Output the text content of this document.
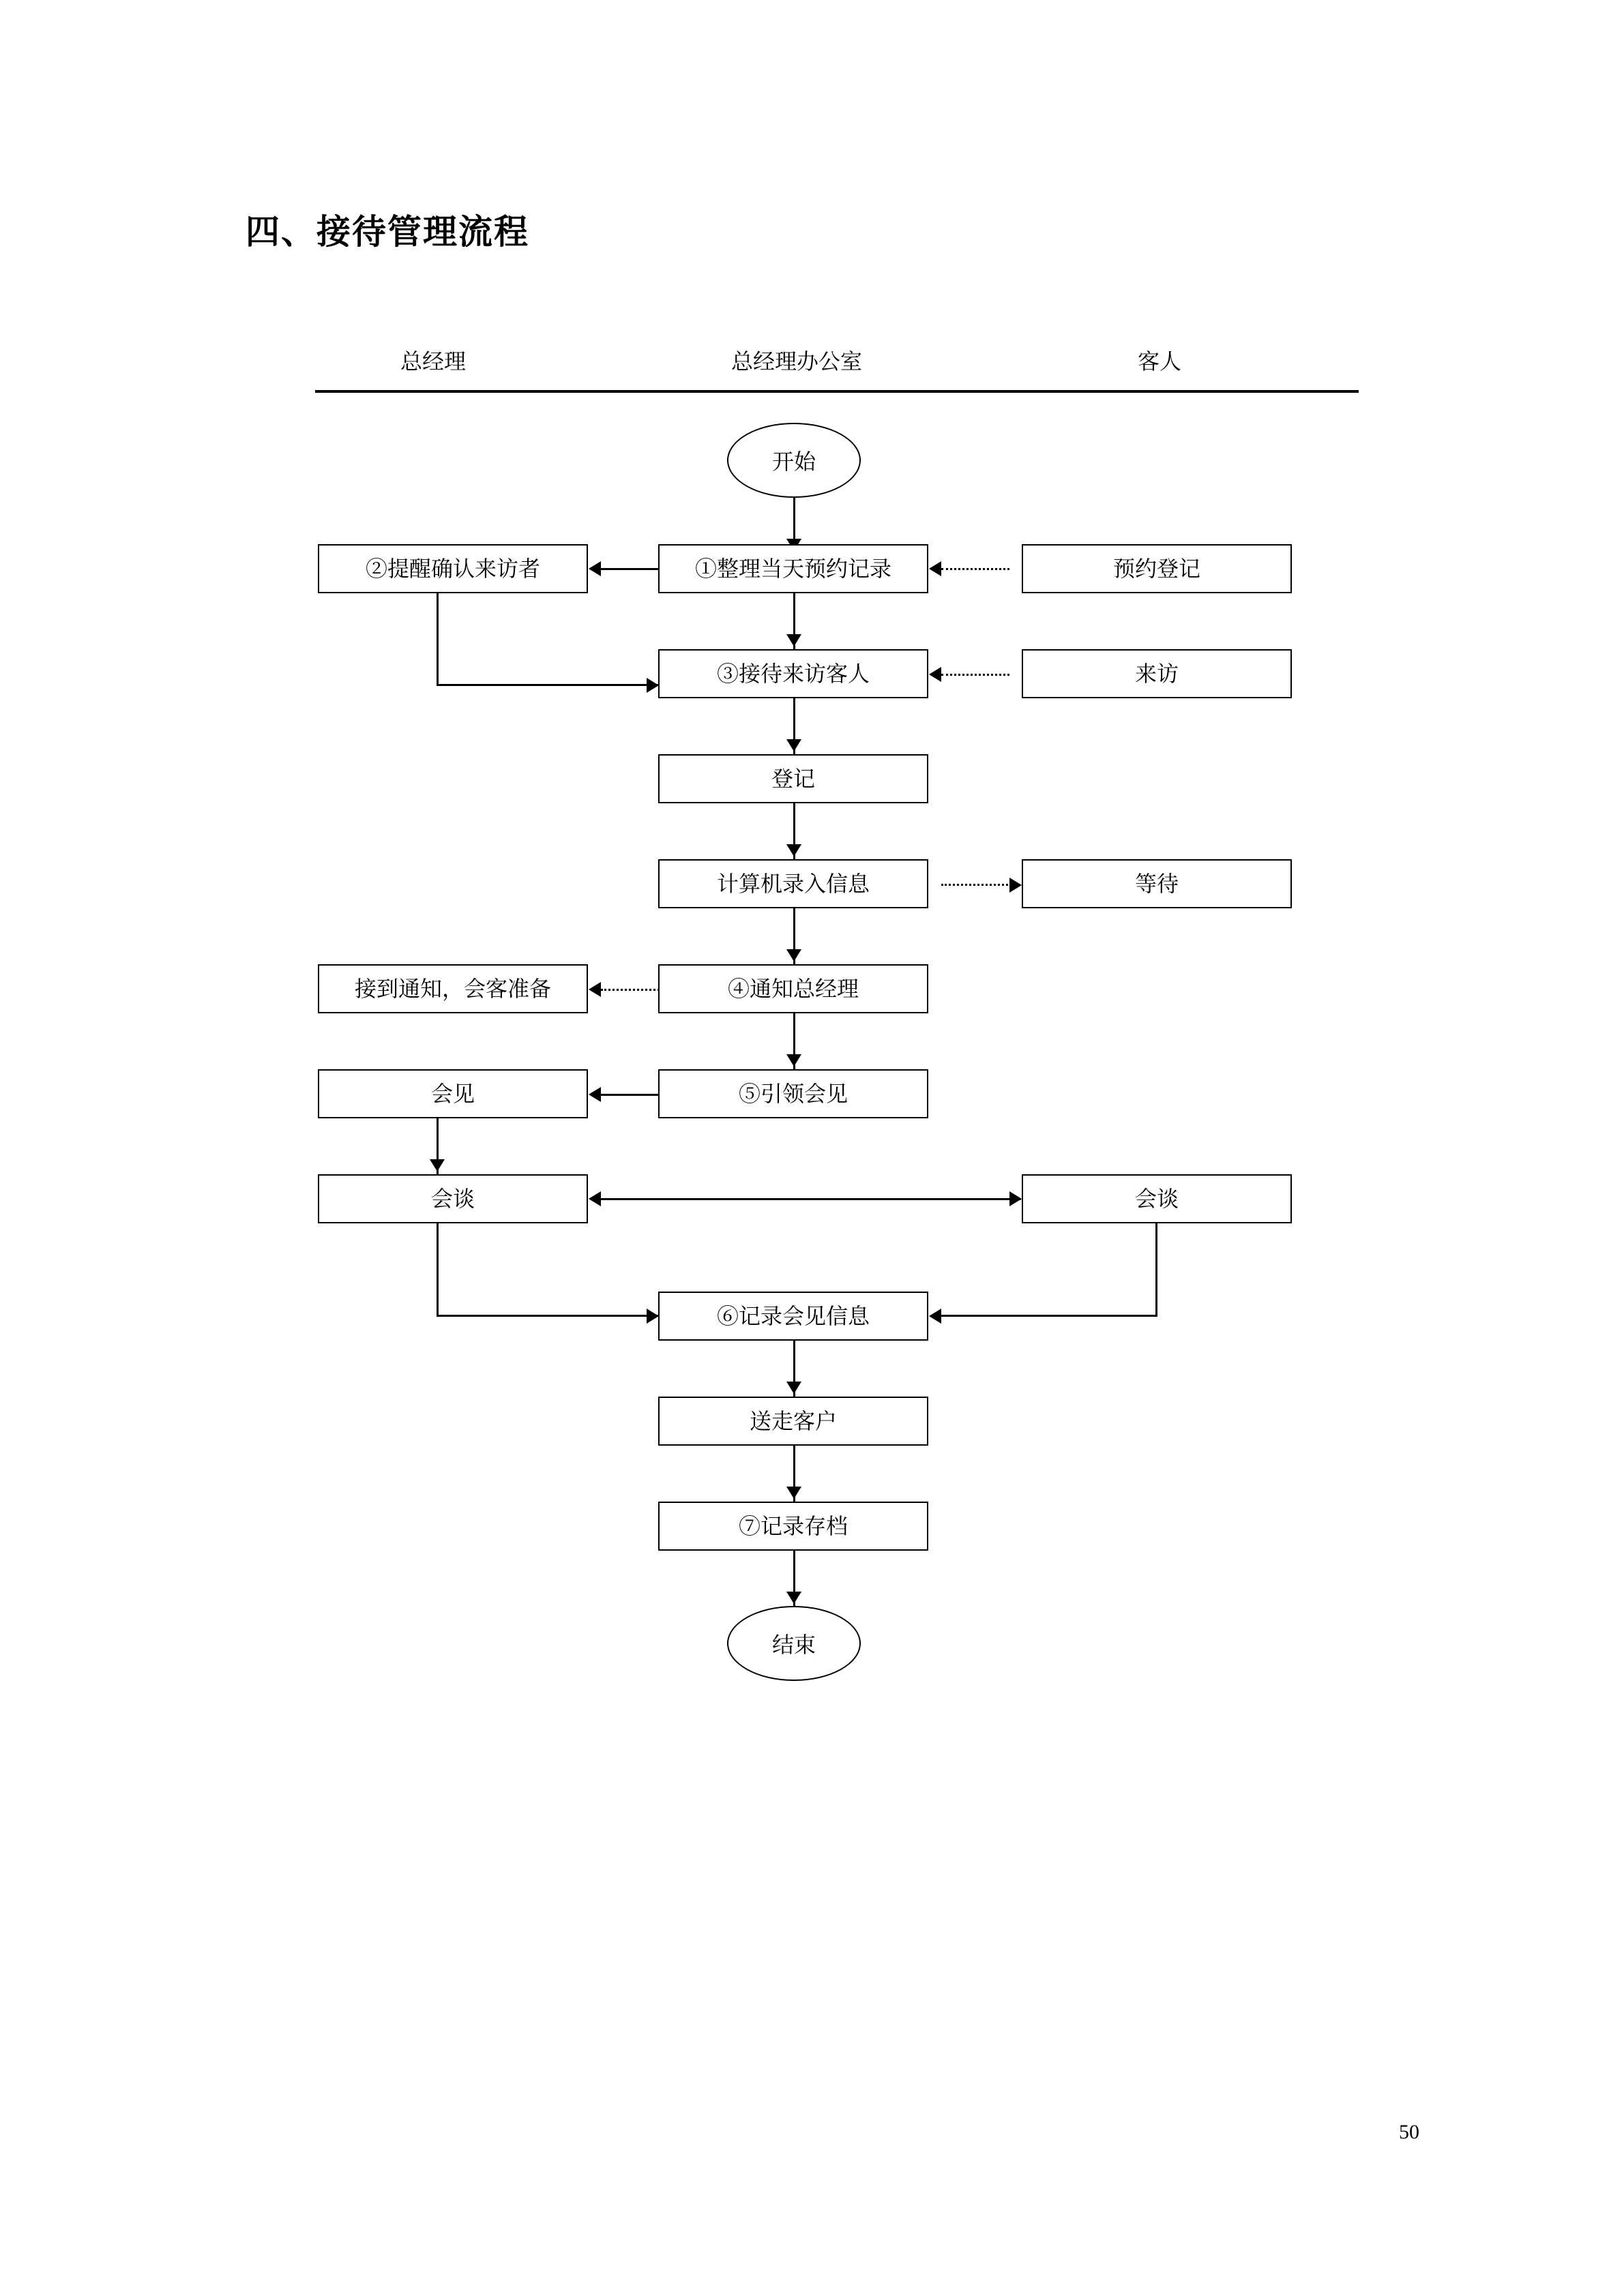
四、接待管理流程
总经理	总经理办公室	客人
开始
②提醒确认来访者	①整理当天预约记录	预约登记
③接待来访客人	来访
登记
计算机录入信息	等待
接到通知，会客准备	④通知总经理
会见	⑤引领会见
会谈	会谈
⑥记录会见信息
送走客户
⑦记录存档
结束
50
